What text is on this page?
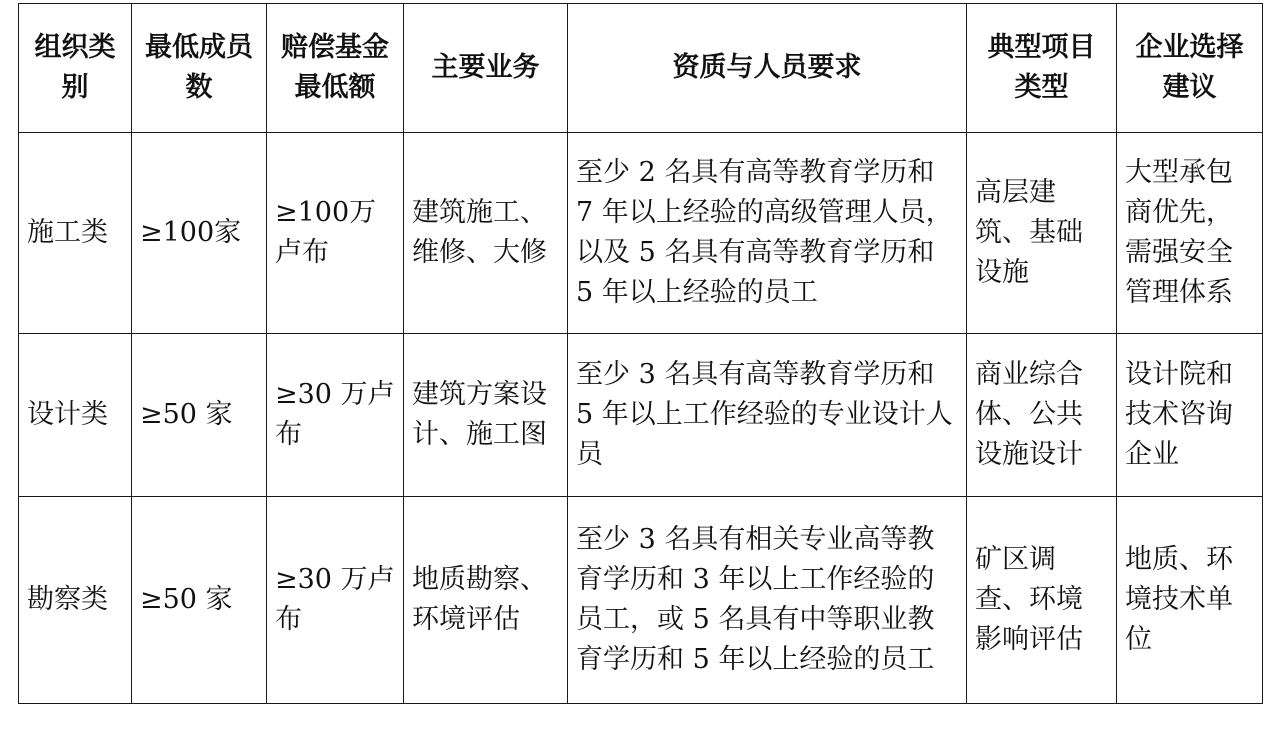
组织类别	最低成员数	赔偿基金最低额	主要业务	资质与人员要求	典型项目类型	企业选择建议
施工类	≥100家	≥100万卢布	建筑施工、维修、大修	至少 2 名具有高等教育学历和 7 年以上经验的高级管理人员，以及 5 名具有高等教育学历和 5 年以上经验的员工	高层建筑、基础设施	大型承包商优先，需强安全管理体系
设计类	≥50 家	≥30 万卢布	建筑方案设计、施工图	至少 3 名具有高等教育学历和 5 年以上工作经验的专业设计人员	商业综合体、公共设施设计	设计院和技术咨询企业
勘察类	≥50 家	≥30 万卢布	地质勘察、环境评估	至少 3 名具有相关专业高等教育学历和 3 年以上工作经验的员工，或 5 名具有中等职业教育学历和 5 年以上经验的员工	矿区调查、环境影响评估	地质、环境技术单位
